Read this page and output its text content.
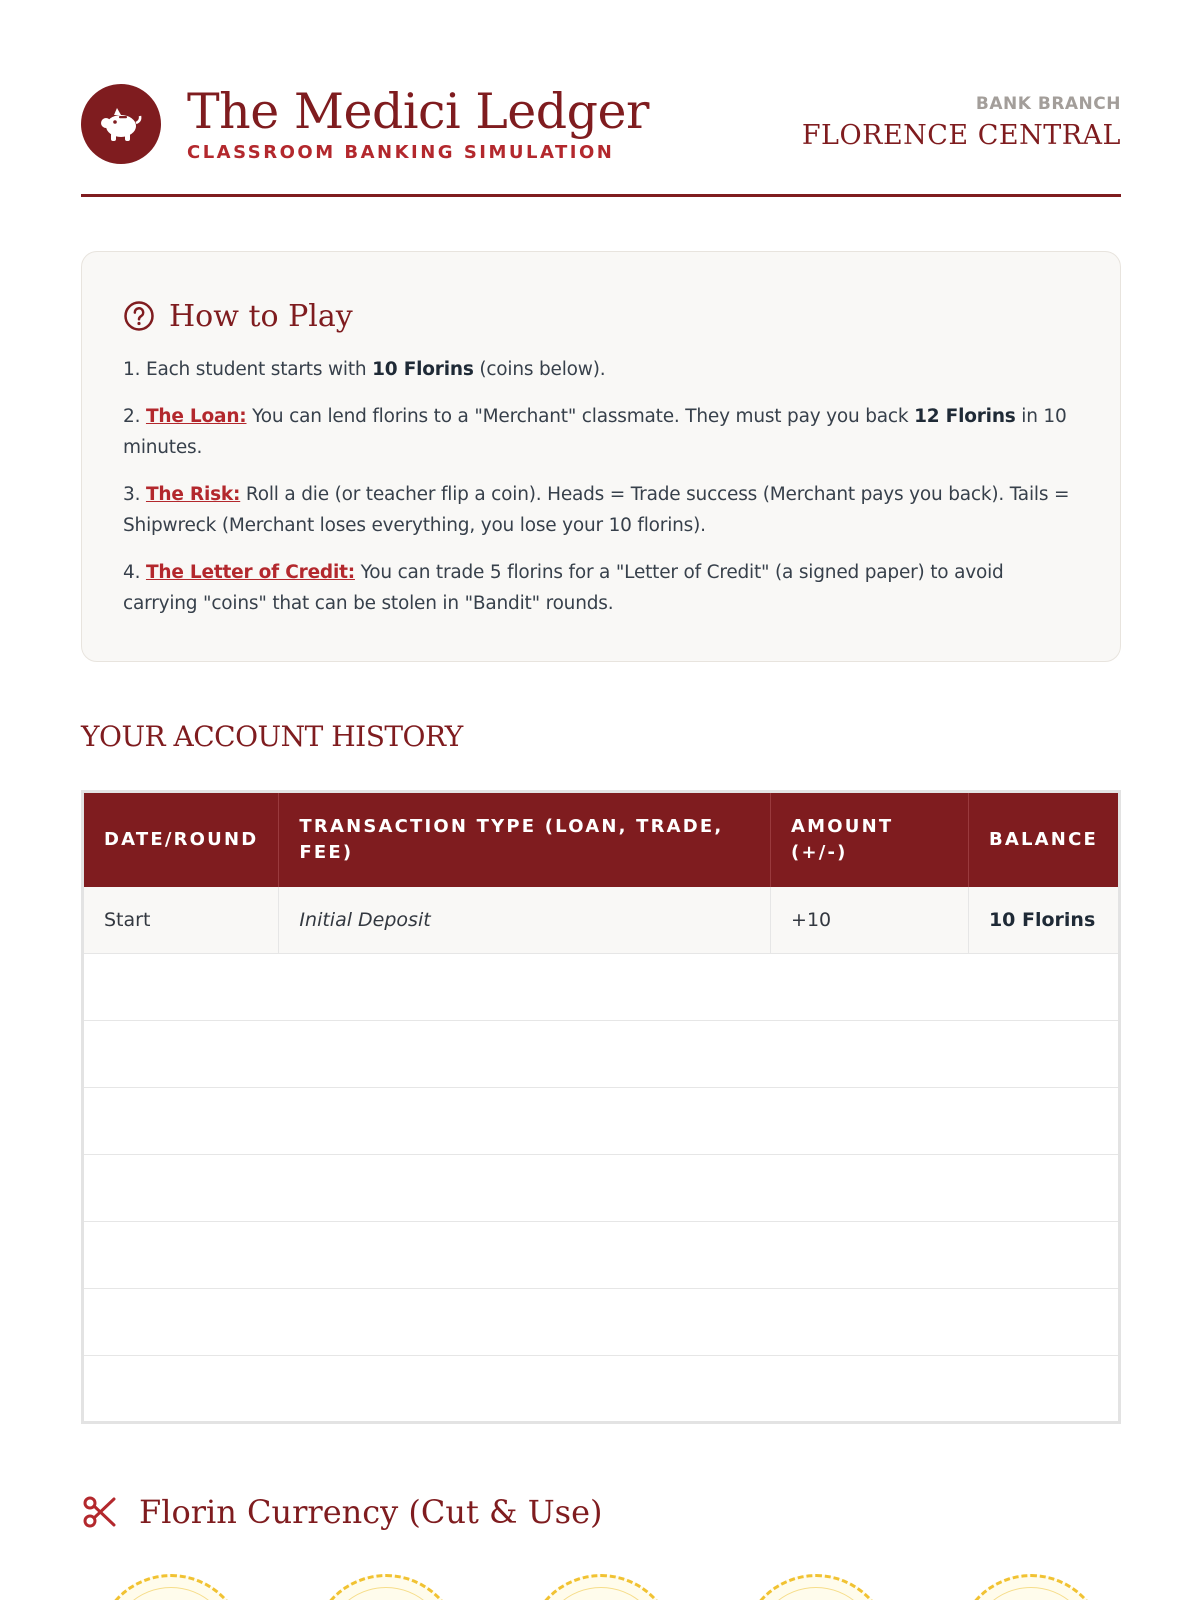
The Medici Ledger
CLASSROOM BANKING SIMULATION
BANK BRANCH
FLORENCE CENTRAL
How to Play

1. Each student starts with 10 Florins (coins below).

2. The Loan: You can lend florins to a "Merchant" classmate. They must pay you back 12 Florins in 10 minutes.

3. The Risk: Roll a die (or teacher flip a coin). Heads = Trade success (Merchant pays you back). Tails = Shipwreck (Merchant loses everything, you lose your 10 florins).

4. The Letter of Credit: You can trade 5 florins for a "Letter of Credit" (a signed paper) to avoid carrying "coins" that can be stolen in "Bandit" rounds.

YOUR ACCOUNT HISTORY
DATE/ROUND	TRANSACTION TYPE (LOAN, TRADE, FEE)	AMOUNT (+/-)	BALANCE
Start	Initial Deposit	+10	10 Florins

Florin Currency (Cut & Use)
